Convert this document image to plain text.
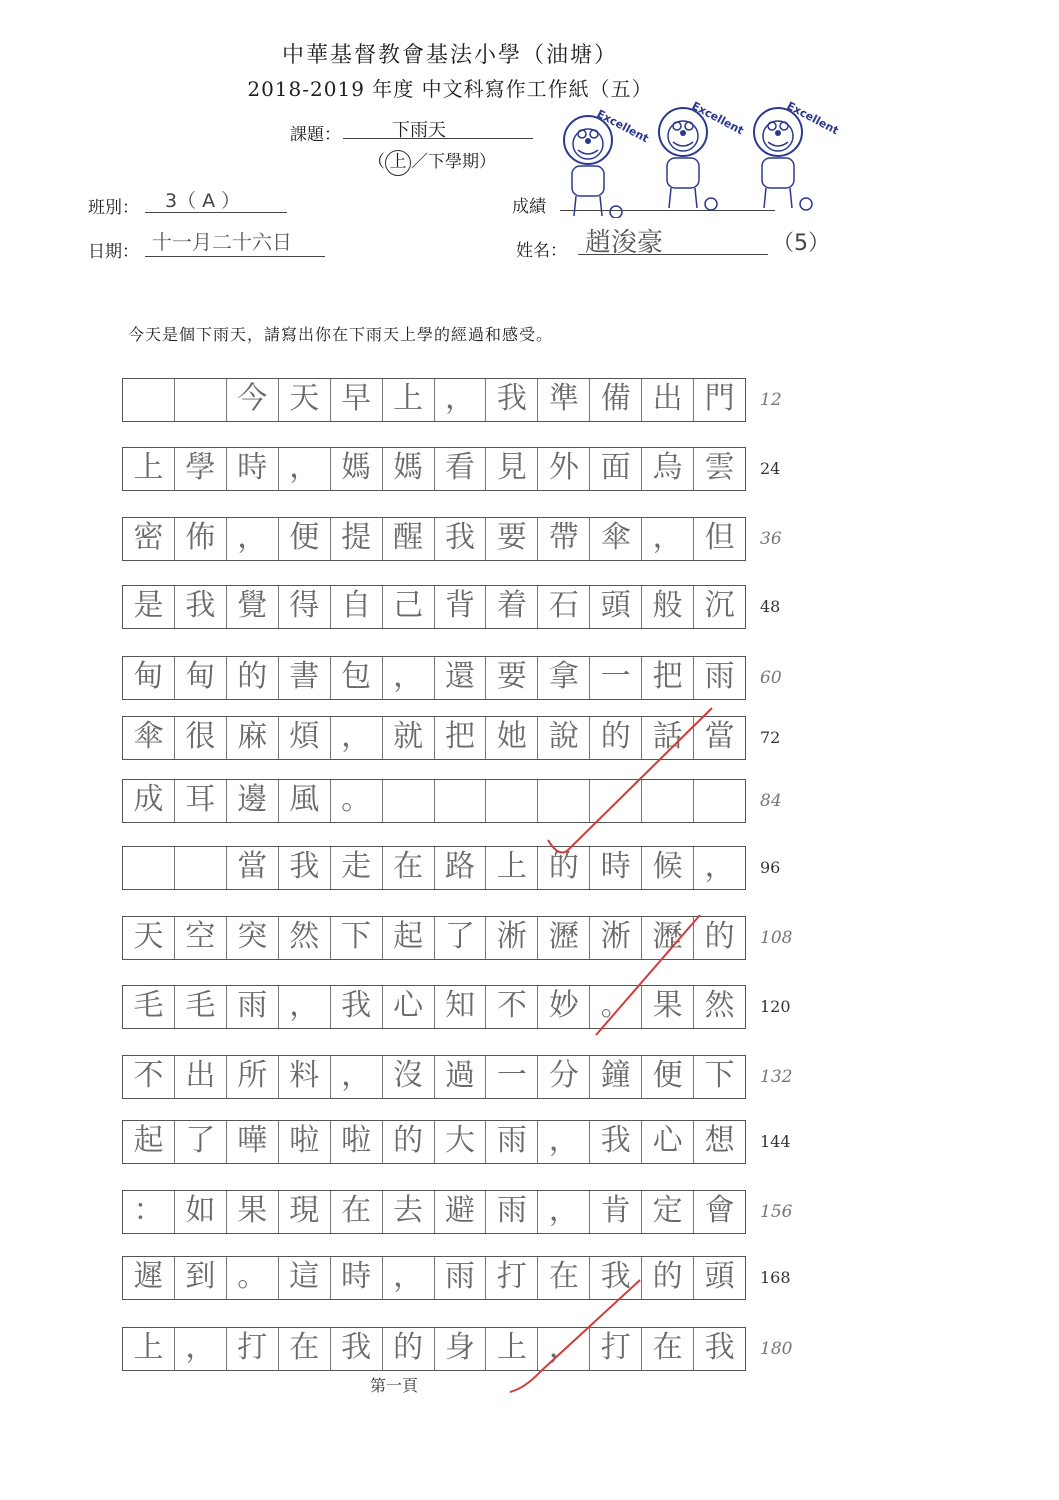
中華基督教會基法小學（油塘）
2018-2019 年度 中文科寫作工作紙（五）
課題：	下雨天
（ 上 ／下學期）
班別： 3（ A ）
日期： 十一月二十六日
成績
姓名： 趙浚豪	（5）
Excellent	Excellent	Excellent
今天是個下雨天，請寫出你在下雨天上學的經過和感受。
今 天 早 上 ， 我 準 備 出 門	12
上 學 時 ， 媽 媽 看 見 外 面 烏 雲	24
密 佈 ， 便 提 醒 我 要 帶 傘 ， 但	36
是 我 覺 得 自 己 背 着 石 頭 般 沉	48
甸 甸 的 書 包 ， 還 要 拿 一 把 雨	60
傘 很 麻 煩 ， 就 把 她 說 的 話 當	72
成 耳 邊 風 。	84
當 我 走 在 路 上 的 時 候 ，	96
天 空 突 然 下 起 了 淅 瀝 淅 瀝 的	108
毛 毛 雨 ， 我 心 知 不 妙 。 果 然	120
不 出 所 料 ， 沒 過 一 分 鐘 便 下	132
起 了 嘩 啦 啦 的 大 雨 ， 我 心 想	144
： 如 果 現 在 去 避 雨 ， 肯 定 會	156
遲 到 。 這 時 ， 雨 打 在 我 的 頭	168
上 ， 打 在 我 的 身 上 ， 打 在 我	180
第一頁
